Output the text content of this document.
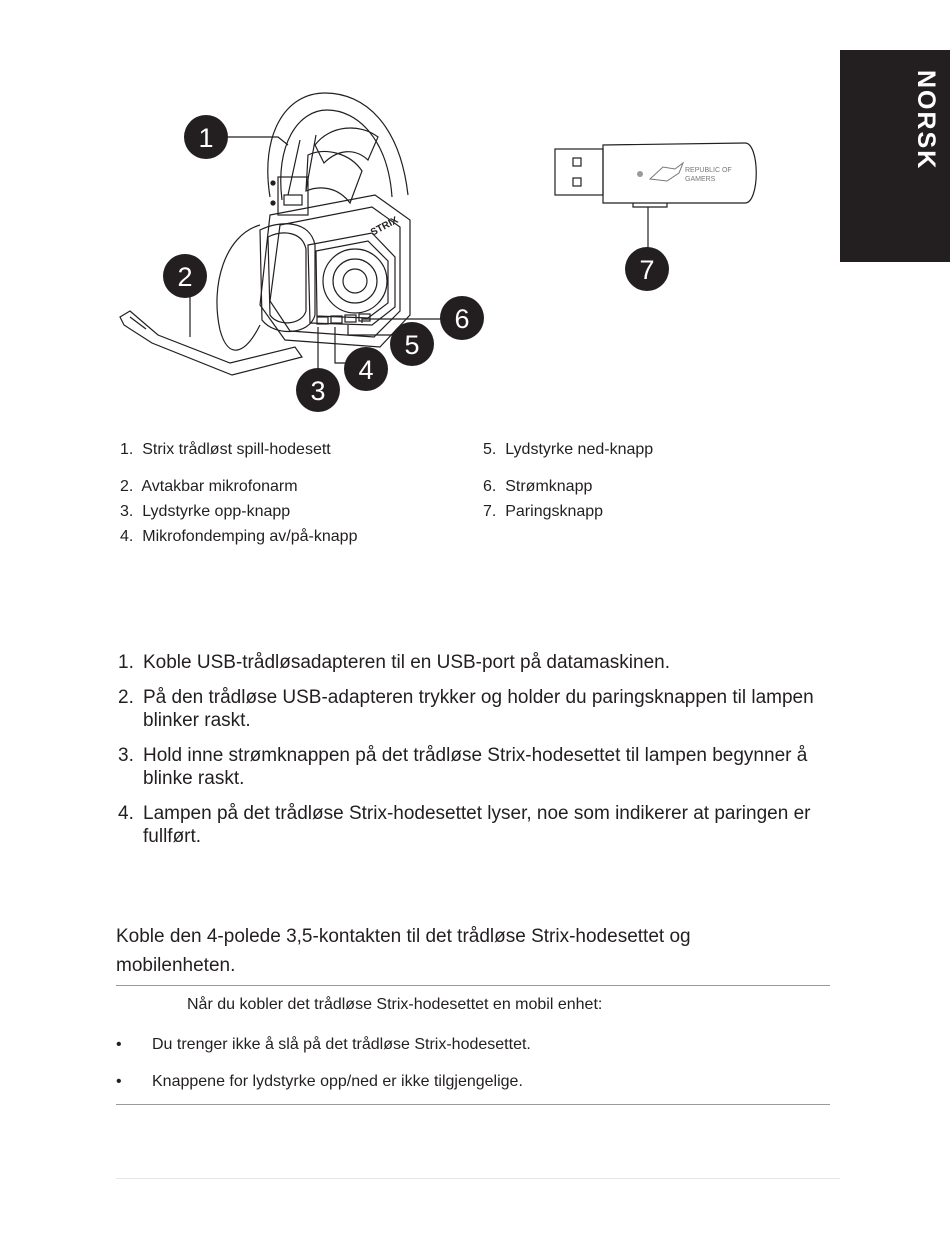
NORSK
STRIX
1
2
3
4
5
6
REPUBLIC OF
GAMERS
7
1. Strix trådløst spill-hodesett
2. Avtakbar mikrofonarm
3. Lydstyrke opp-knapp
4. Mikrofondemping av/på-knapp
5. Lydstyrke ned-knapp
6. Strømknapp
7. Paringsknapp
1. Koble USB-trådløsadapteren til en USB-port på datamaskinen.
2. På den trådløse USB-adapteren trykker og holder du paringsknappen til lampen blinker raskt.
3. Hold inne strømknappen på det trådløse Strix-hodesettet til lampen begynner å blinke raskt.
4. Lampen på det trådløse Strix-hodesettet lyser, noe som indikerer at paringen er fullført.
Koble den 4-polede 3,5-kontakten til det trådløse Strix-hodesettet og mobilenheten.
Når du kobler det trådløse Strix-hodesettet en mobil enhet:
• Du trenger ikke å slå på det trådløse Strix-hodesettet.
• Knappene for lydstyrke opp/ned er ikke tilgjengelige.
